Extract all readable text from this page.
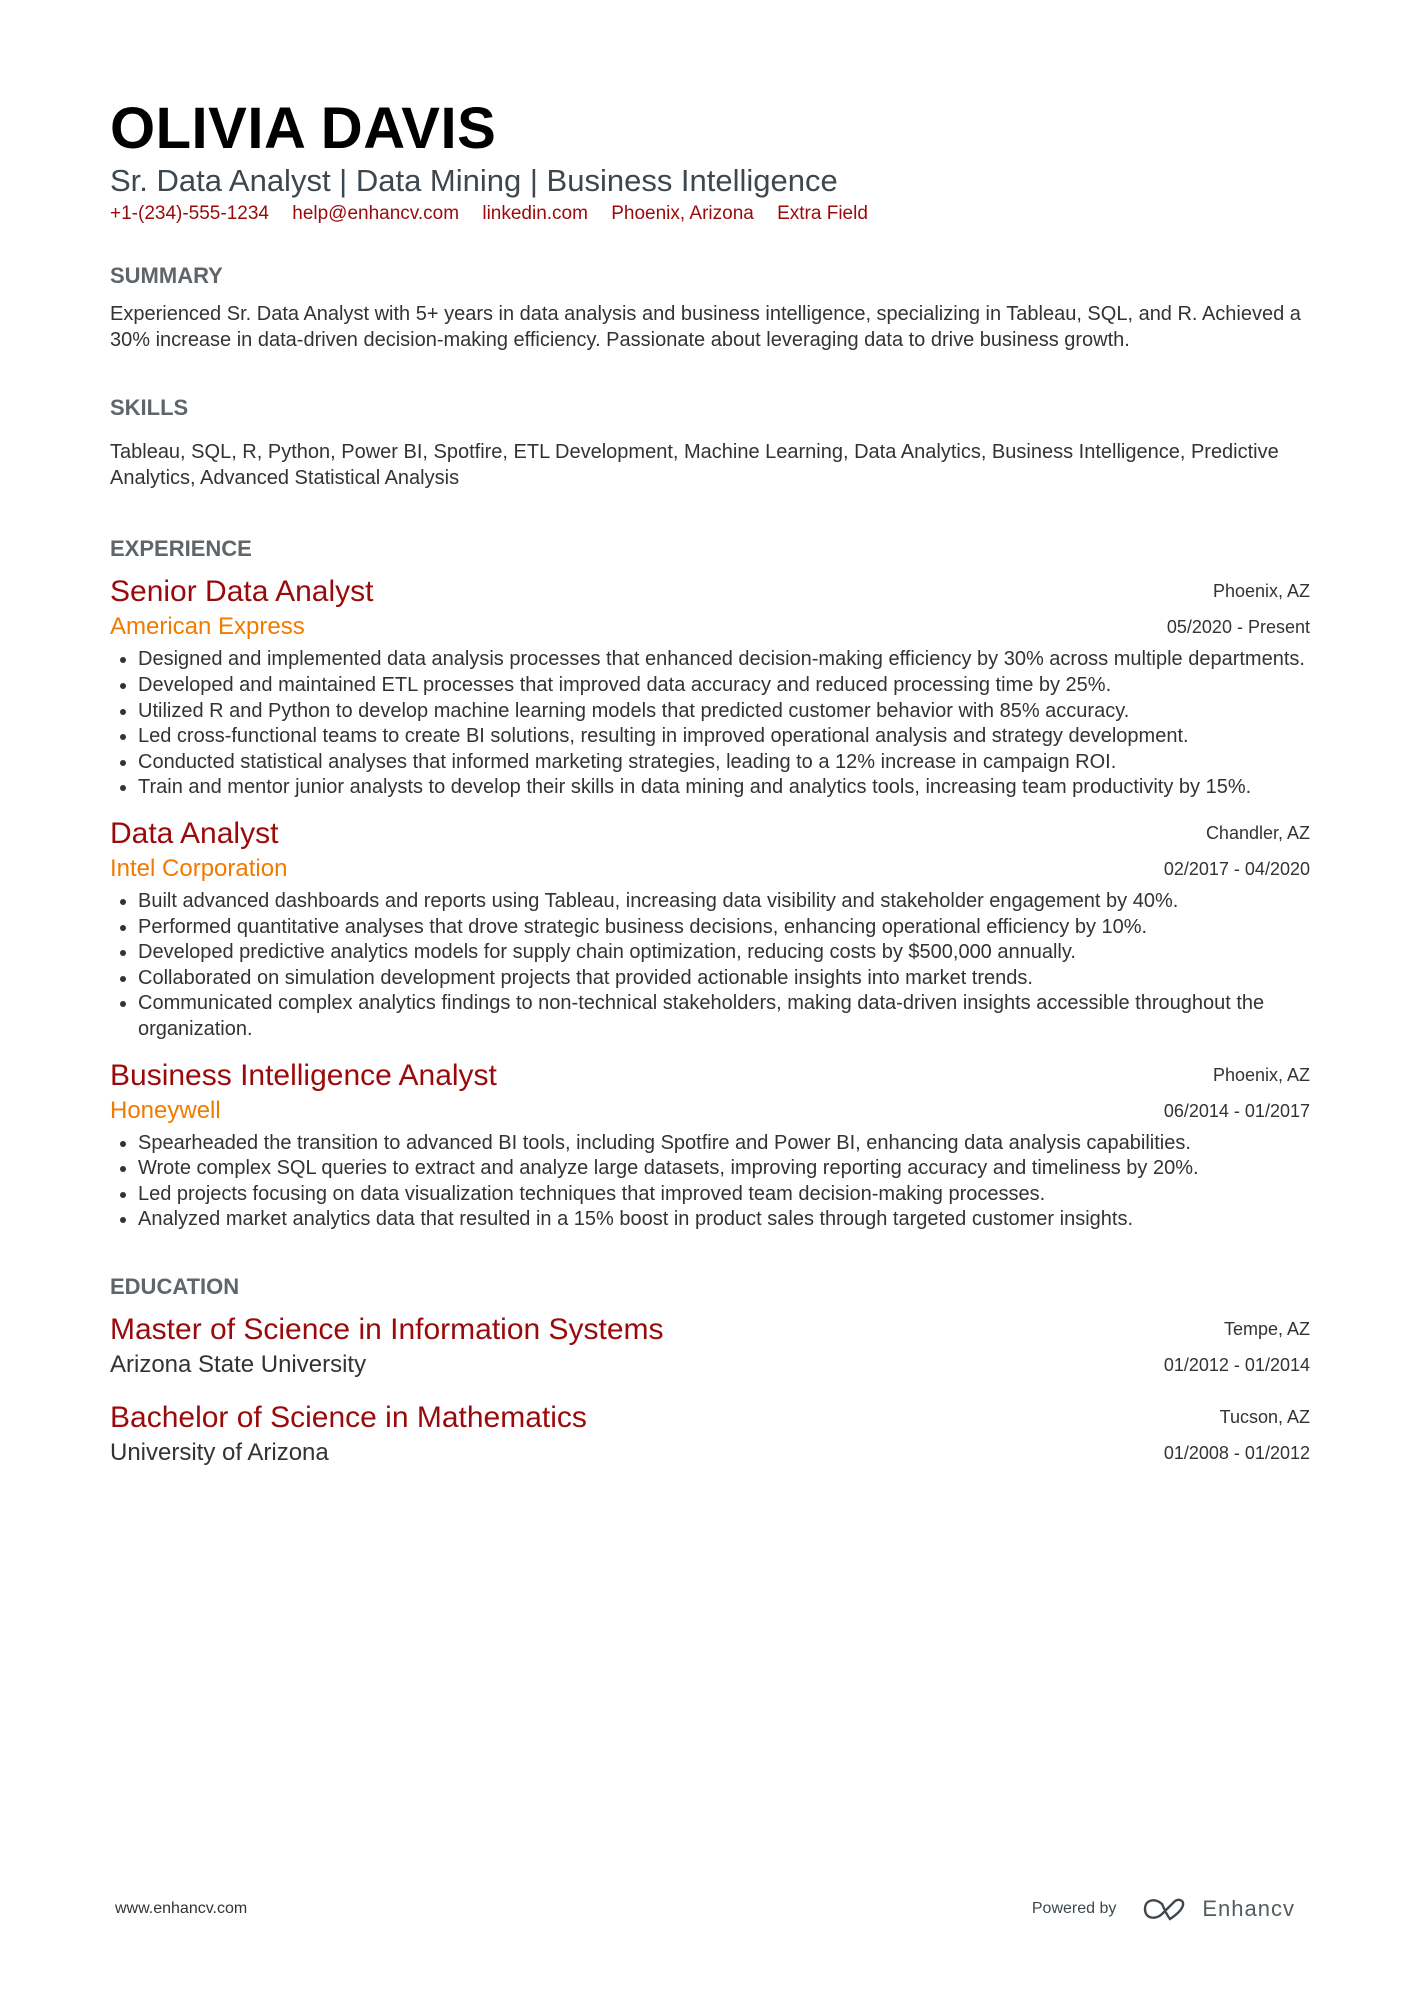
OLIVIA DAVIS
Sr. Data Analyst | Data Mining | Business Intelligence
+1-(234)-555-1234 help@enhancv.com linkedin.com Phoenix, Arizona Extra Field
SUMMARY
Experienced Sr. Data Analyst with 5+ years in data analysis and business intelligence, specializing in Tableau, SQL, and R. Achieved a 30% increase in data-driven decision-making efficiency. Passionate about leveraging data to drive business growth.
SKILLS
Tableau, SQL, R, Python, Power BI, Spotfire, ETL Development, Machine Learning, Data Analytics, Business Intelligence, Predictive Analytics, Advanced Statistical Analysis
EXPERIENCE
Senior Data Analyst
American Express
Phoenix, AZ
05/2020 - Present
• Designed and implemented data analysis processes that enhanced decision-making efficiency by 30% across multiple departments.
• Developed and maintained ETL processes that improved data accuracy and reduced processing time by 25%.
• Utilized R and Python to develop machine learning models that predicted customer behavior with 85% accuracy.
• Led cross-functional teams to create BI solutions, resulting in improved operational analysis and strategy development.
• Conducted statistical analyses that informed marketing strategies, leading to a 12% increase in campaign ROI.
• Train and mentor junior analysts to develop their skills in data mining and analytics tools, increasing team productivity by 15%.
Data Analyst
Intel Corporation
Chandler, AZ
02/2017 - 04/2020
• Built advanced dashboards and reports using Tableau, increasing data visibility and stakeholder engagement by 40%.
• Performed quantitative analyses that drove strategic business decisions, enhancing operational efficiency by 10%.
• Developed predictive analytics models for supply chain optimization, reducing costs by $500,000 annually.
• Collaborated on simulation development projects that provided actionable insights into market trends.
• Communicated complex analytics findings to non-technical stakeholders, making data-driven insights accessible throughout the organization.
Business Intelligence Analyst
Honeywell
Phoenix, AZ
06/2014 - 01/2017
• Spearheaded the transition to advanced BI tools, including Spotfire and Power BI, enhancing data analysis capabilities.
• Wrote complex SQL queries to extract and analyze large datasets, improving reporting accuracy and timeliness by 20%.
• Led projects focusing on data visualization techniques that improved team decision-making processes.
• Analyzed market analytics data that resulted in a 15% boost in product sales through targeted customer insights.
EDUCATION
Master of Science in Information Systems
Arizona State University
Tempe, AZ
01/2012 - 01/2014
Bachelor of Science in Mathematics
University of Arizona
Tucson, AZ
01/2008 - 01/2012
www.enhancv.com	Powered by	Enhancv
